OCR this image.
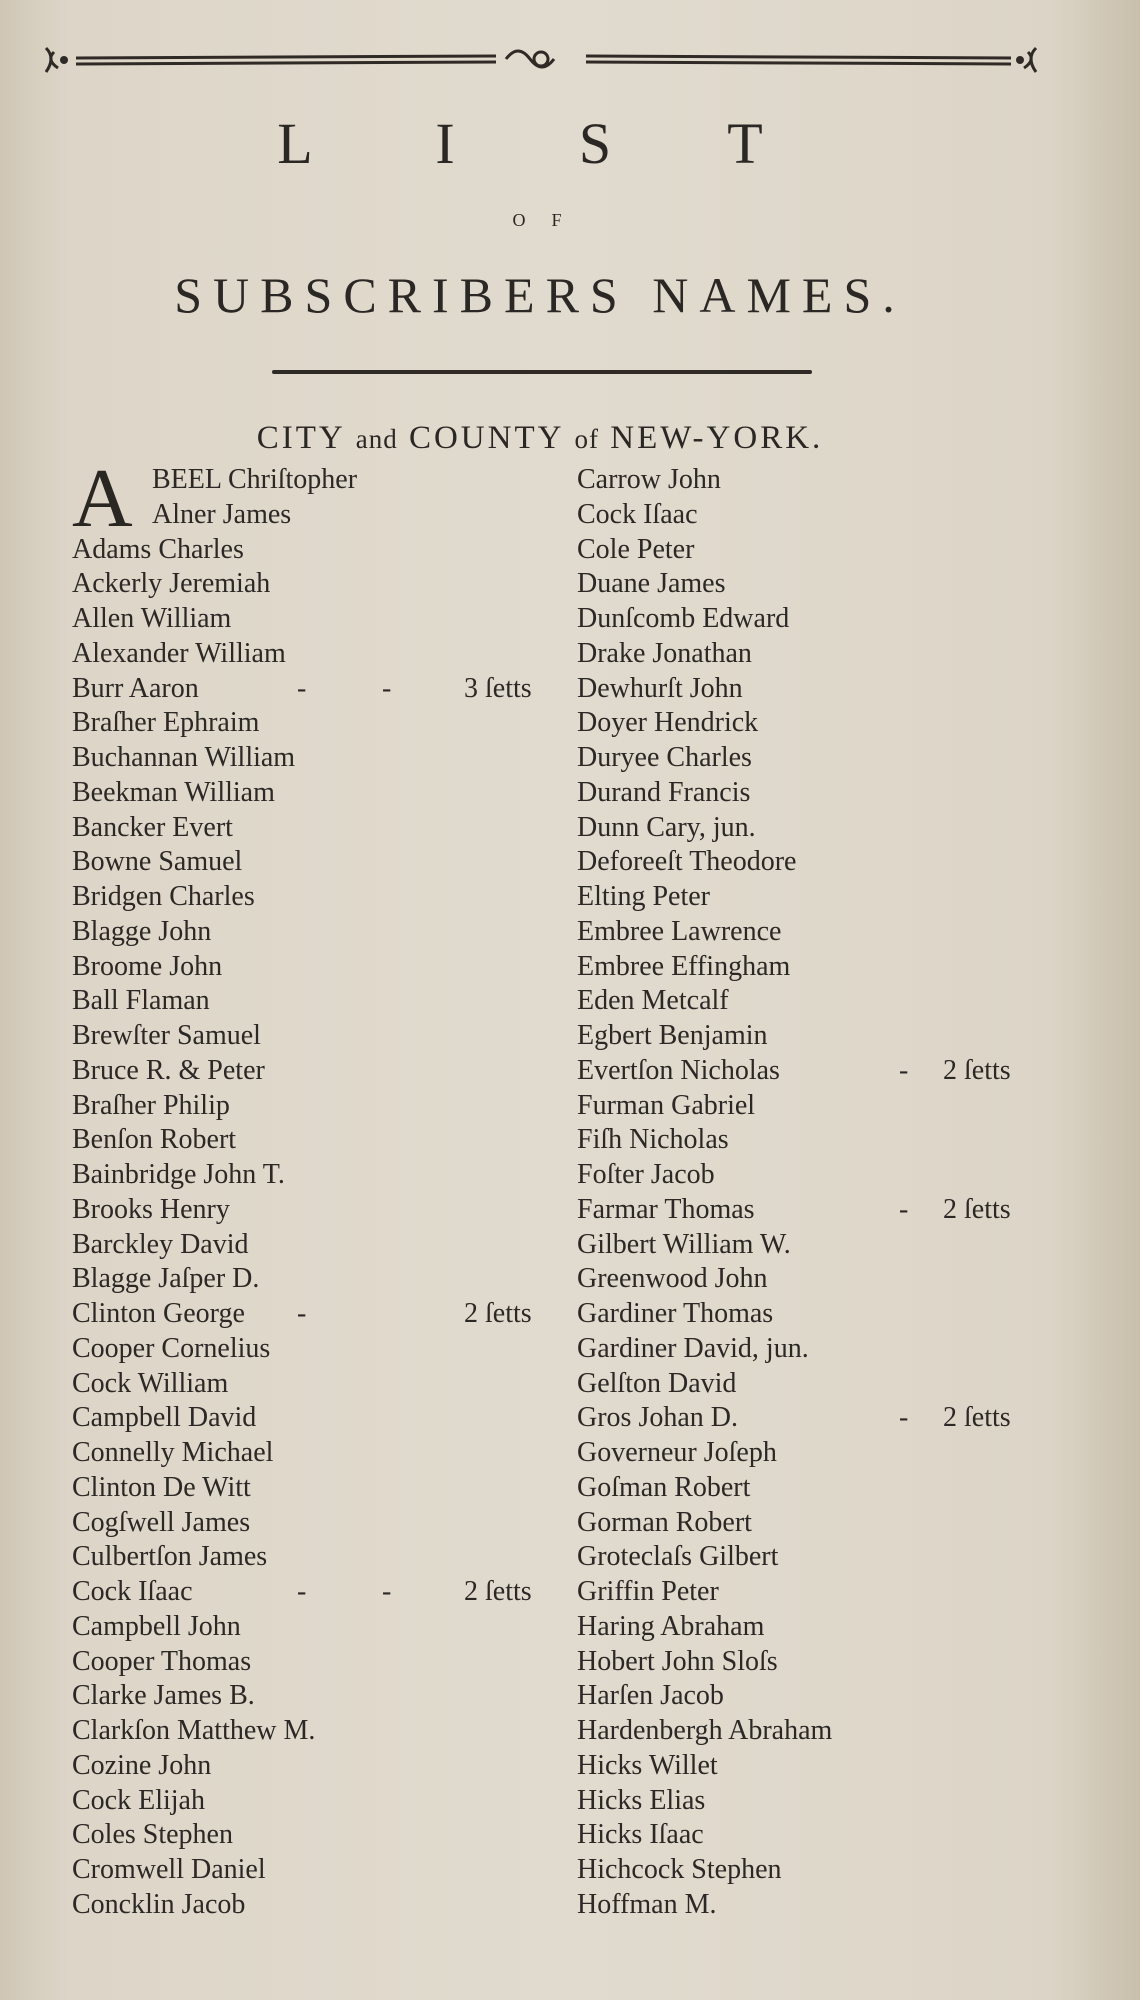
L I S T
OF
SUBSCRIBERS NAMES.
CITY and COUNTY of NEW-YORK.
A BEEL Chriſtopher
Alner James
Adams Charles
Ackerly Jeremiah
Allen William
Alexander William
Burr Aaron	-	-	3 ſetts
Braſher Ephraim
Buchannan William
Beekman William
Bancker Evert
Bowne Samuel
Bridgen Charles
Blagge John
Broome John
Ball Flaman
Brewſter Samuel
Bruce R. & Peter
Braſher Philip
Benſon Robert
Bainbridge John T.
Brooks Henry
Barckley David
Blagge Jaſper D.
Clinton George -	2 ſetts
Cooper Cornelius
Cock William
Campbell David
Connelly Michael
Clinton De Witt
Cogſwell James
Culbertſon James
Cock Iſaac	-	-	2 ſetts
Campbell John
Cooper Thomas
Clarke James B.
Clarkſon Matthew M.
Cozine John
Cock Elijah
Coles Stephen
Cromwell Daniel
Concklin Jacob
Carrow John
Cock Iſaac
Cole Peter
Duane James
Dunſcomb Edward
Drake Jonathan
Dewhurſt John
Doyer Hendrick
Duryee Charles
Durand Francis
Dunn Cary, jun.
Deforeeſt Theodore
Elting Peter
Embree Lawrence
Embree Effingham
Eden Metcalf
Egbert Benjamin
Evertſon Nicholas	- 2 ſetts
Furman Gabriel
Fiſh Nicholas
Foſter Jacob
Farmar Thomas	- 2 ſetts
Gilbert William W.
Greenwood John
Gardiner Thomas
Gardiner David, jun.
Gelſton David
Gros Johan D.	- 2 ſetts
Governeur Joſeph
Goſman Robert
Gorman Robert
Groteclaſs Gilbert
Griffin Peter
Haring Abraham
Hobert John Sloſs
Harſen Jacob
Hardenbergh Abraham
Hicks Willet
Hicks Elias
Hicks Iſaac
Hichcock Stephen
Hoffman M.
